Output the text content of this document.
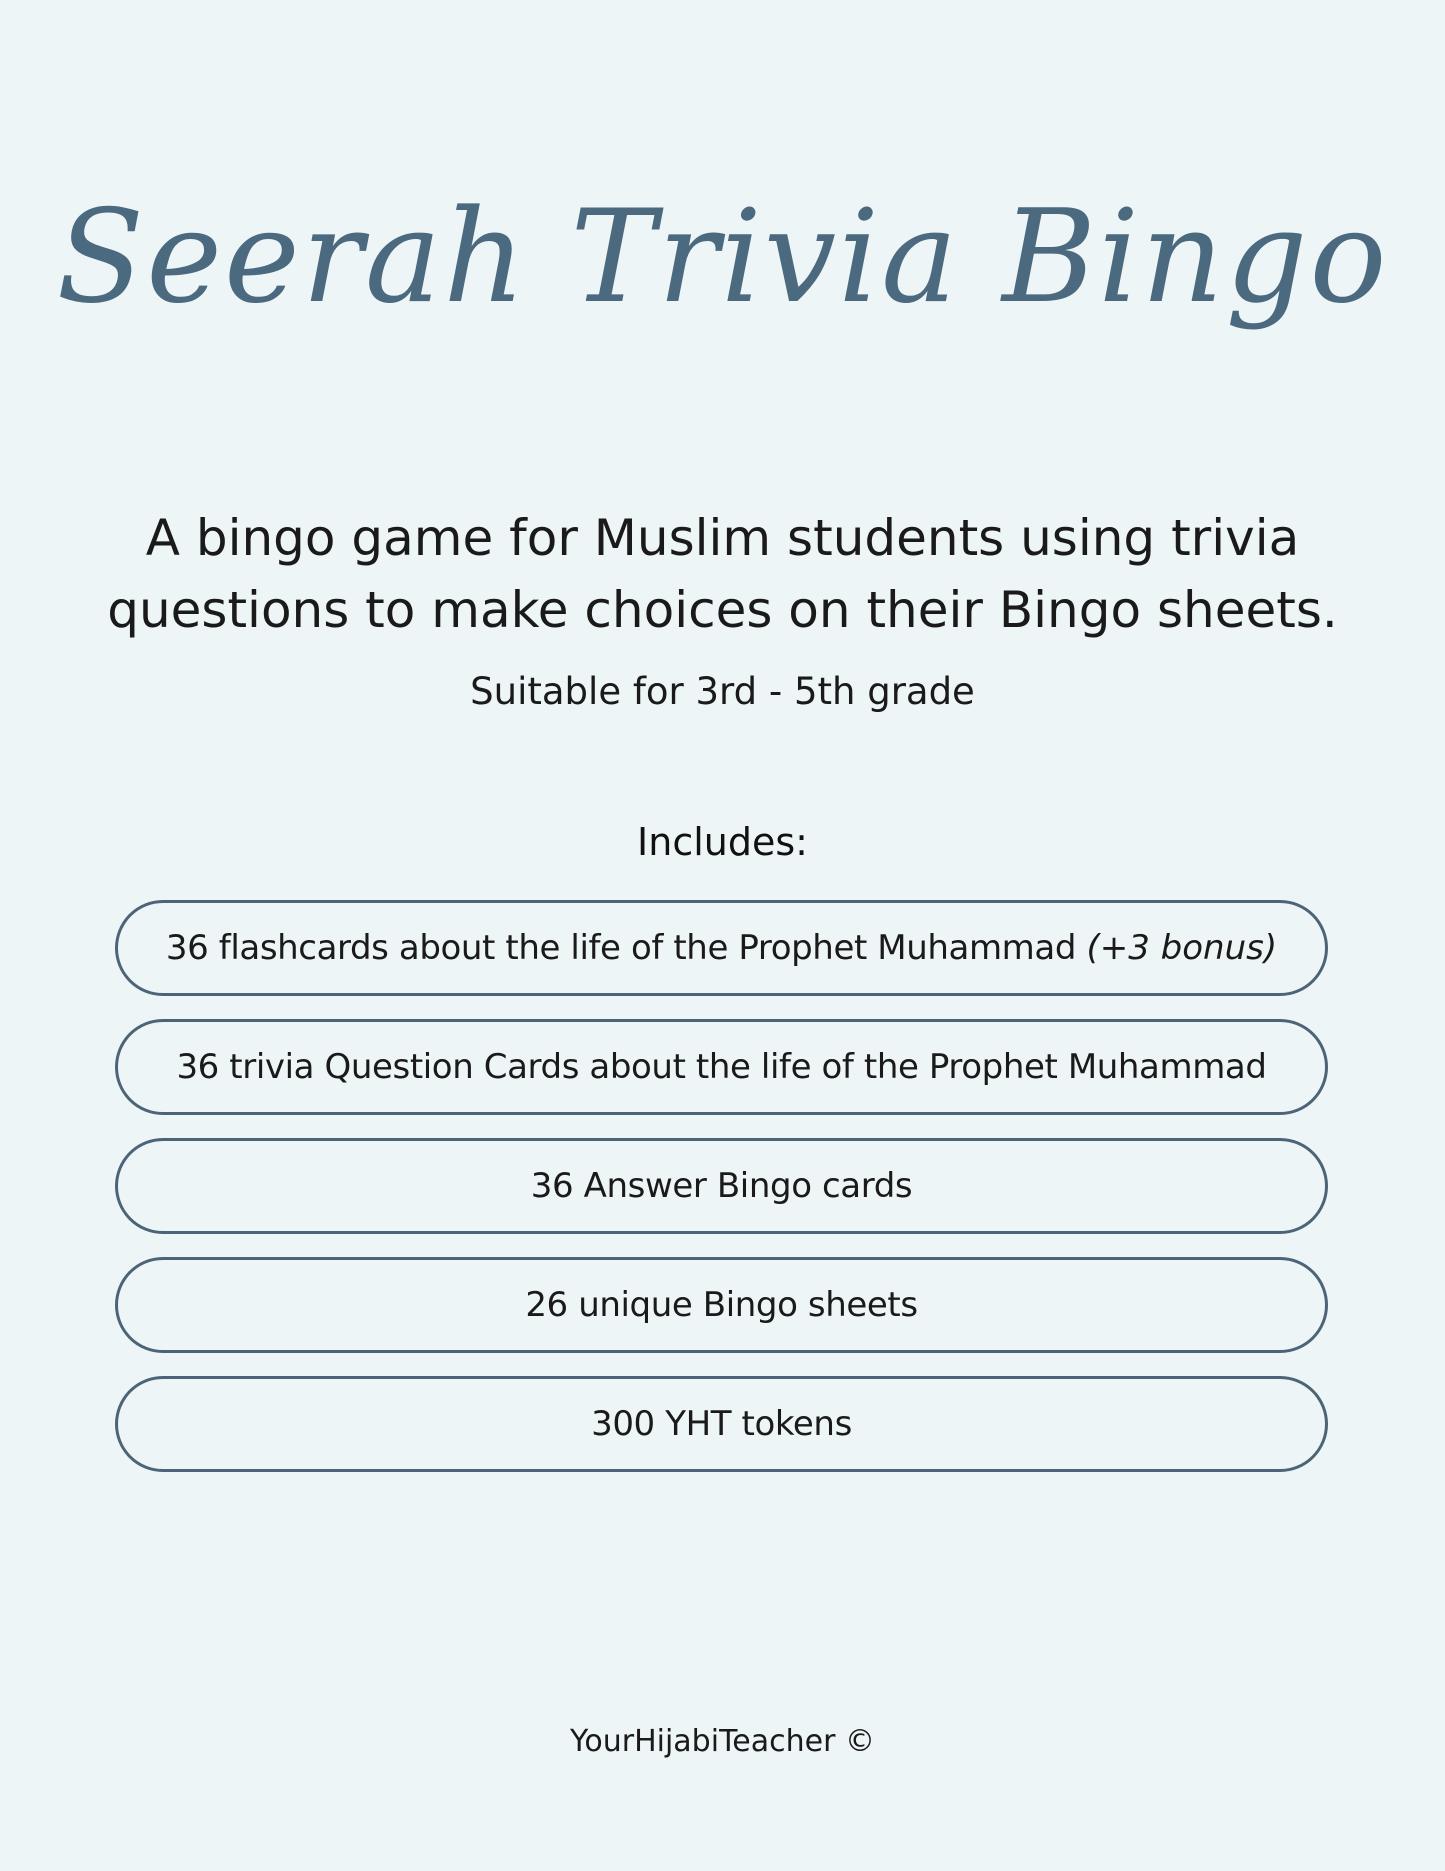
Seerah Trivia Bingo
A bingo game for Muslim students using trivia questions to make choices on their Bingo sheets.
Suitable for 3rd - 5th grade
Includes:
36 flashcards about the life of the Prophet Muhammad (+3 bonus)
36 trivia Question Cards about the life of the Prophet Muhammad
36 Answer Bingo cards
26 unique Bingo sheets
300 YHT tokens
YourHijabiTeacher ©
